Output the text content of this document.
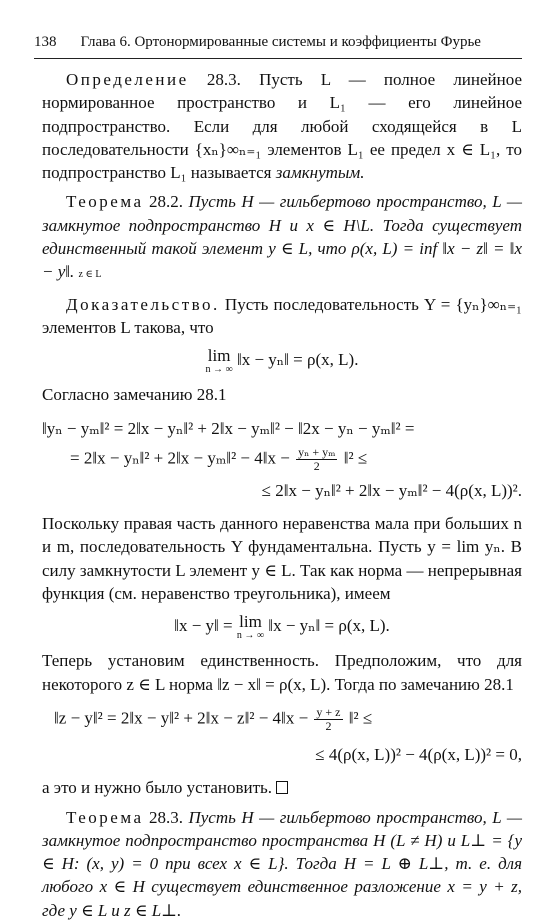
138 Глава 6. Ортонормированные системы и коэффициенты Фурье

Определение 28.3. Пусть L — полное линейное нормированное пространство и L₁ — его линейное подпространство. Если для любой сходящейся в L последовательности {xₙ}∞ₙ₌₁ элементов L₁ ее предел x ∈ L₁, то подпространство L₁ называется замкнутым.

Теорема 28.2. Пусть H — гильбертово пространство, L — замкнутое подпространство H и x ∈ H\L. Тогда существует единственный такой элемент y ∈ L, что ρ(x, L) = inf ‖x − z‖ = ‖x − y‖. z ∈ L

Доказательство. Пусть последовательность Y = {yₙ}∞ₙ₌₁ элементов L такова, что

lim
n → ∞
‖x − yₙ‖ = ρ(x, L).

Согласно замечанию 28.1

‖yₙ − yₘ‖² = 2‖x − yₙ‖² + 2‖x − yₘ‖² − ‖2x − yₙ − yₘ‖² =
= 2‖x − yₙ‖² + 2‖x − yₘ‖² − 4‖x − $\frac{\text{yₙ + yₘ}}{2}$ ‖² ≤
≤ 2‖x − yₙ‖² + 2‖x − yₘ‖² − 4(ρ(x, L))².

Поскольку правая часть данного неравенства мала при больших n и m, последовательность Y фундаментальна. Пусть y = lim yₙ. В силу замкнутости L элемент y ∈ L. Так как норма — непрерывная функция (см. неравенство треугольника), имеем

‖x − y‖ = lim
n → ∞
‖x − yₙ‖ = ρ(x, L).

Теперь установим единственность. Предположим, что для некоторого z ∈ L норма ‖z − x‖ = ρ(x, L). Тогда по замечанию 28.1

‖z − y‖² = 2‖x − y‖² + 2‖x − z‖² − 4‖x − $\frac{y + z}{2}$ ‖² ≤
≤ 4(ρ(x, L))² − 4(ρ(x, L))² = 0,

а это и нужно было установить.

Теорема 28.3. Пусть H — гильбертово пространство, L — замкнутое подпространство пространства H (L ≠ H) и L⊥ = {y ∈ H: (x, y) = 0 при всех x ∈ L}. Тогда H = L ⊕ L⊥, т. е. для любого x ∈ H существует единственное разложение x = y + z, где y ∈ L и z ∈ L⊥.
